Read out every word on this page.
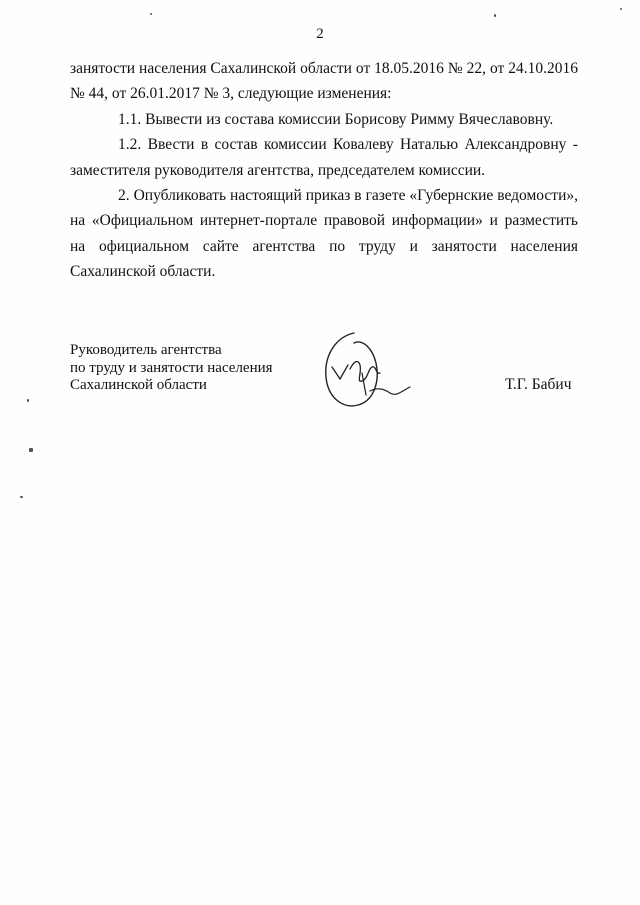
2

занятости населения Сахалинской области от 18.05.2016 № 22, от 24.10.2016 № 44, от 26.01.2017 № 3, следующие изменения:

1.1. Вывести из состава комиссии Борисову Римму Вячеславовну.

1.2. Ввести в состав комиссии Ковалеву Наталью Александровну - заместителя руководителя агентства, председателем комиссии.

2. Опубликовать настоящий приказ в газете «Губернские ведомости», на «Официальном интернет-портале правовой информации» и разместить на официальном сайте агентства по труду и занятости населения Сахалинской области.

Руководитель агентства
по труду и занятости населения
Сахалинской области	Т.Г. Бабич
